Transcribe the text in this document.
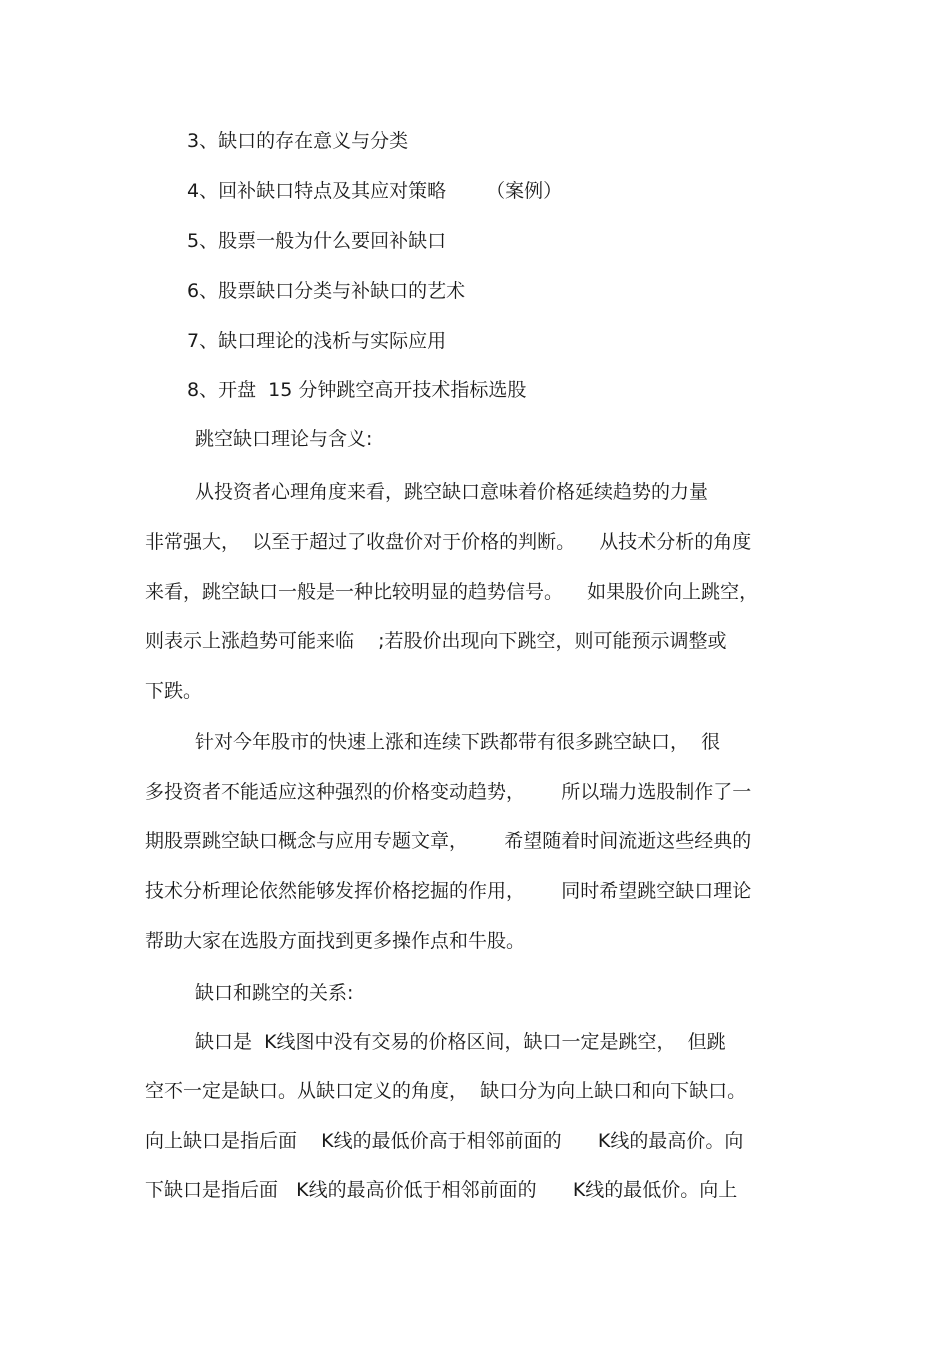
3、缺口的存在意义与分类
4、回补缺口特点及其应对策略 （案例）
5、股票一般为什么要回补缺口
6、股票缺口分类与补缺口的艺术
7、缺口理论的浅析与实际应用
8、开盘  15 分钟跳空高开技术指标选股
跳空缺口理论与含义:
从投资者心理角度来看，跳空缺口意味着价格延续趋势的力量
非常强大，  以至于超过了收盘价对于价格的判断。    从技术分析的角度
来看，跳空缺口一般是一种比较明显的趋势信号。    如果股价向上跳空，
则表示上涨趋势可能来临    ;若股价出现向下跳空，则可能预示调整或
下跌。
针对今年股市的快速上涨和连续下跌都带有很多跳空缺口，  很
多投资者不能适应这种强烈的价格变动趋势，      所以瑞力选股制作了一
期股票跳空缺口概念与应用专题文章，      希望随着时间流逝这些经典的
技术分析理论依然能够发挥价格挖掘的作用，      同时希望跳空缺口理论
帮助大家在选股方面找到更多操作点和牛股。
缺口和跳空的关系:
缺口是  K线图中没有交易的价格区间，缺口一定是跳空，  但跳
空不一定是缺口。从缺口定义的角度，  缺口分为向上缺口和向下缺口。
向上缺口是指后面    K线的最低价高于相邻前面的      K线的最高价。向
下缺口是指后面   K线的最高价低于相邻前面的      K线的最低价。向上
